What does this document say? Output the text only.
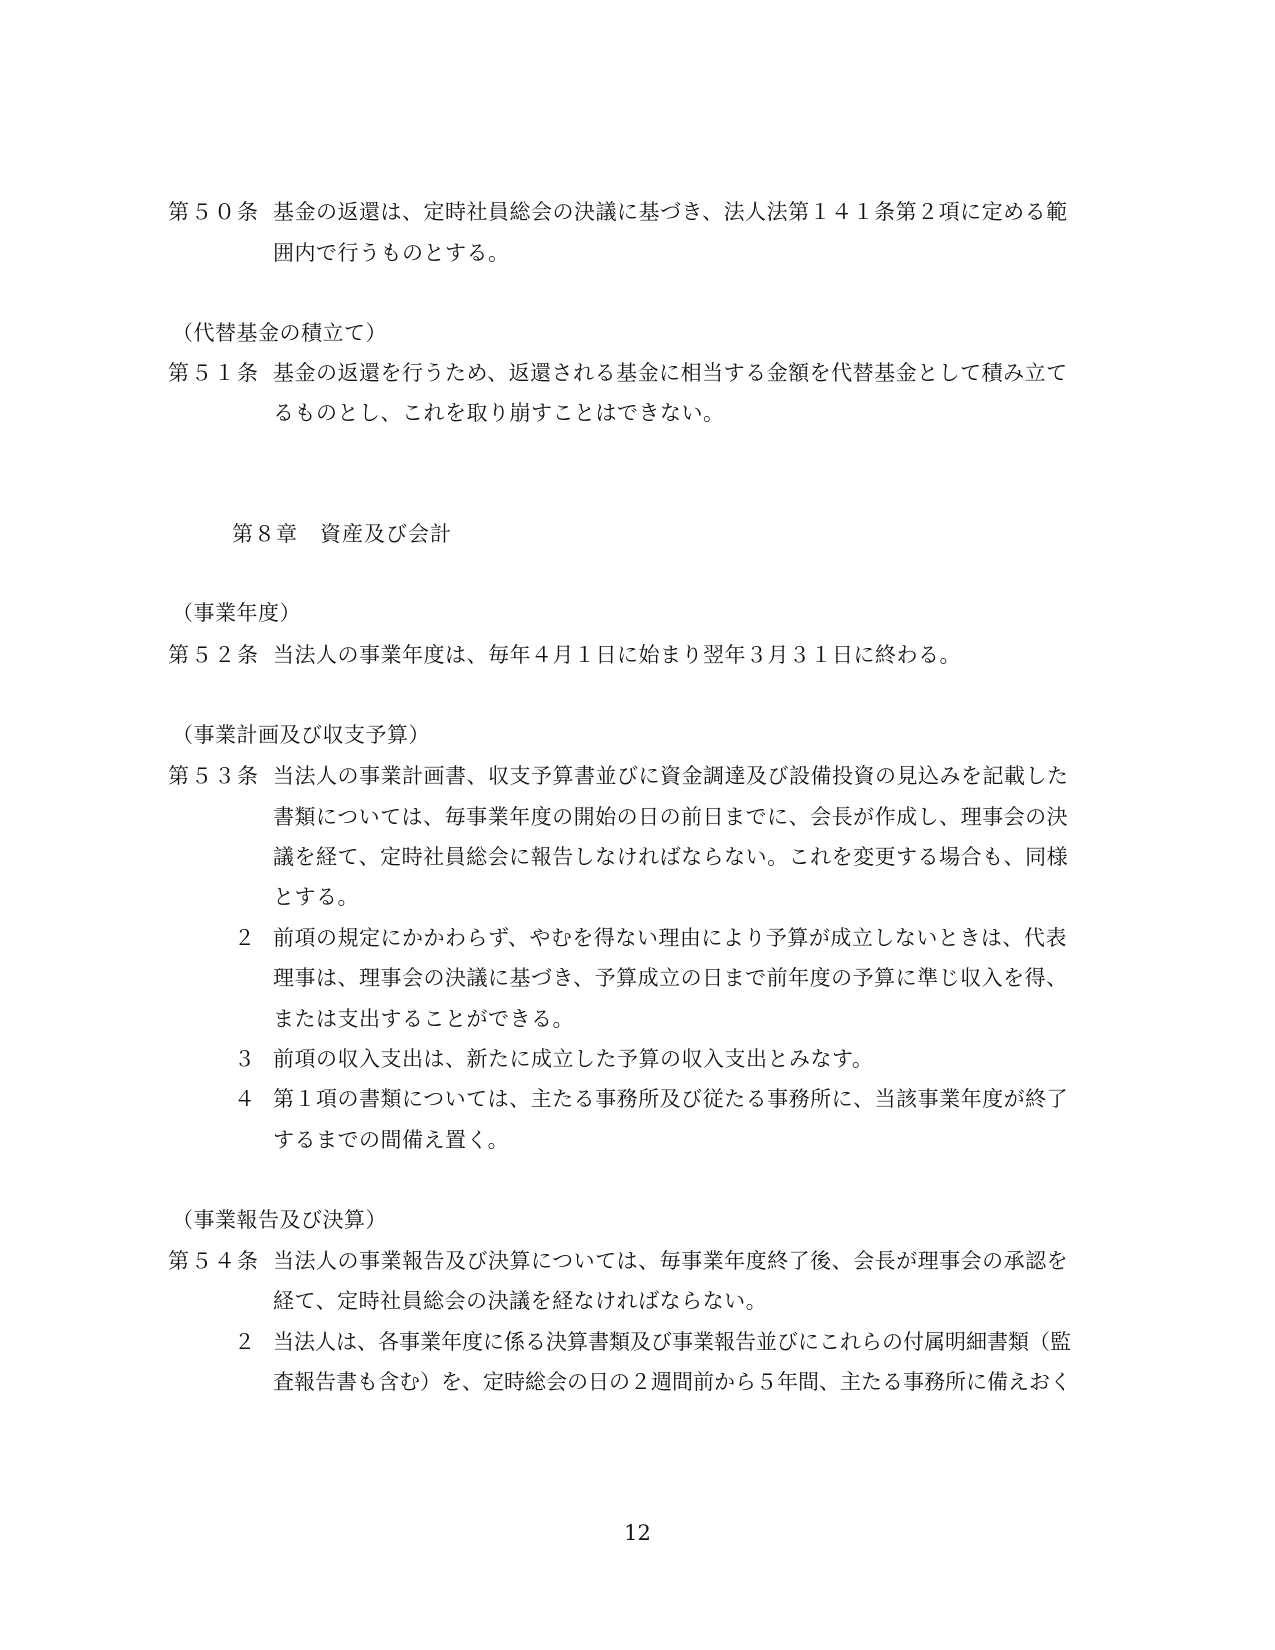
第５０条 基金の返還は、定時社員総会の決議に基づき、法人法第１４１条第２項に定める範
囲内で行うものとする。
（代替基金の積立て）
第５１条 基金の返還を行うため、返還される基金に相当する金額を代替基金として積み立て
るものとし、これを取り崩すことはできない。
第８章　資産及び会計
（事業年度）
第５２条 当法人の事業年度は、毎年４月１日に始まり翌年３月３１日に終わる。
（事業計画及び収支予算）
第５３条 当法人の事業計画書、収支予算書並びに資金調達及び設備投資の見込みを記載した
書類については、毎事業年度の開始の日の前日までに、会長が作成し、理事会の決
議を経て、定時社員総会に報告しなければならない。これを変更する場合も、同様
とする。
２ 前項の規定にかかわらず、やむを得ない理由により予算が成立しないときは、代表
理事は、理事会の決議に基づき、予算成立の日まで前年度の予算に準じ収入を得、
または支出することができる。
３ 前項の収入支出は、新たに成立した予算の収入支出とみなす。
４ 第１項の書類については、主たる事務所及び従たる事務所に、当該事業年度が終了
するまでの間備え置く。
（事業報告及び決算）
第５４条 当法人の事業報告及び決算については、毎事業年度終了後、会長が理事会の承認を
経て、定時社員総会の決議を経なければならない。
２ 当法人は、各事業年度に係る決算書類及び事業報告並びにこれらの付属明細書類（監
査報告書も含む）を、定時総会の日の２週間前から５年間、主たる事務所に備えおく
12
